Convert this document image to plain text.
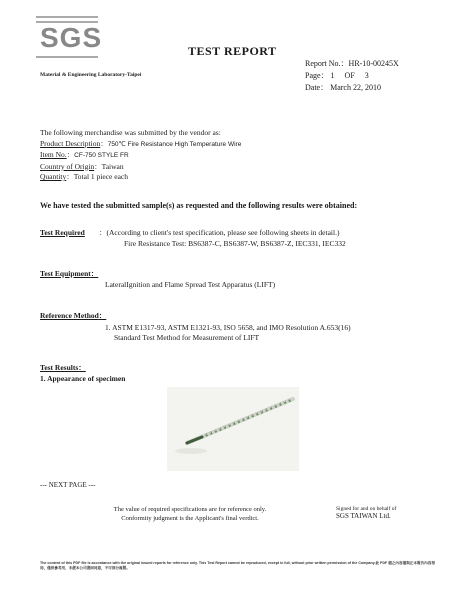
SGS	TEST REPORT
Material & Engineering Laboratory-Taipei
Report No.：HR-10-00245X
Page： 1     OF     3
Date： March 22, 2010
The following merchandise was submitted by the vendor as:
Product Description：750℃ Fire Resistance High Temperature Wire
Item No.：CF-750 STYLE FR
Country of Origin：Taiwan
Quantity：Total 1 piece each
We have tested the submitted sample(s) as requested and the following results were obtained:
Test Required ：(According to client's test specification, please see following sheets in detail.)
Fire Resistance Test: BS6387-C, BS6387-W, BS6387-Z, IEC331, IEC332
Test Equipment：
LateralIgnition and Flame Spread Test Apparatus (LIFT)
Reference Method：
1. ASTM E1317-93, ASTM E1321-93, ISO 5658, and IMO Resolution A.653(16)
Standard Test Method for Measurement of LIFT
Test Results：
1. Appearance of specimen
--- NEXT PAGE ---
The value of required specifications are for reference only.
Conformity judgment is the Applicant's final verdict.
Signed for and on behalf of
SGS TAIWAN Ltd.
The content of this PDF file is accordance with the original issued reports for reference only. This Test Report cannot be reproduced, except in full, without prior written permission of the Company.此 PDF 檔之內容僅與正本報告內容相同，僅供參考用，未經本公司書面同意，不可部分複製。
